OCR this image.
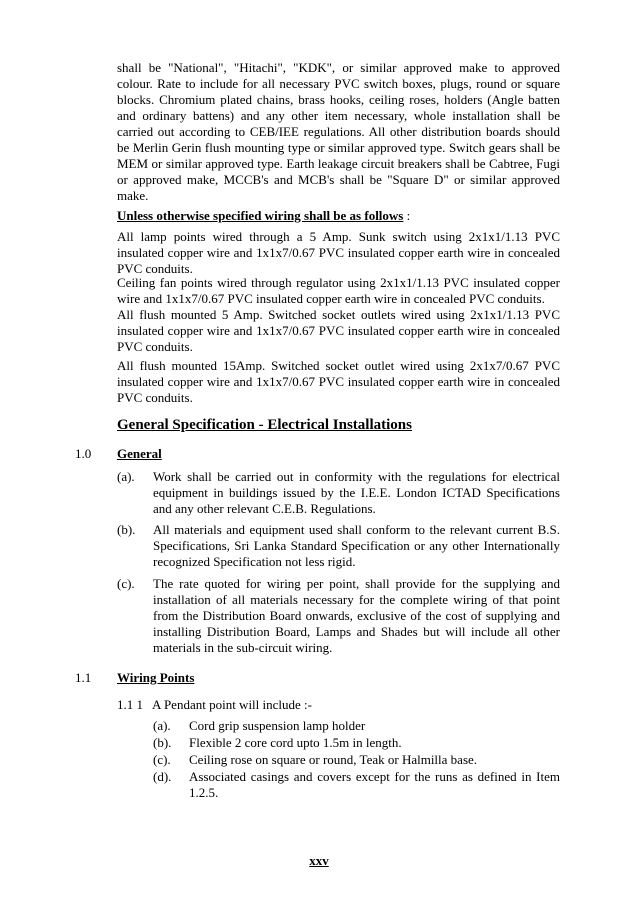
shall be "National", "Hitachi", "KDK", or similar approved make to approved colour. Rate to include for all necessary PVC switch boxes, plugs, round or square blocks. Chromium plated chains, brass hooks, ceiling roses, holders (Angle batten and ordinary battens) and any other item necessary, whole installation shall be carried out according to CEB/IEE regulations. All other distribution boards should be Merlin Gerin flush mounting type or similar approved type. Switch gears shall be MEM or similar approved type. Earth leakage circuit breakers shall be Cabtree, Fugi or approved make, MCCB's and MCB's shall be "Square D" or similar approved make.

Unless otherwise specified wiring shall be as follows :

All lamp points wired through a 5 Amp. Sunk switch using 2x1x1/1.13 PVC insulated copper wire and 1x1x7/0.67 PVC insulated copper earth wire in concealed PVC conduits.

Ceiling fan points wired through regulator using 2x1x1/1.13 PVC insulated copper wire and 1x1x7/0.67 PVC insulated copper earth wire in concealed PVC conduits.

All flush mounted 5 Amp. Switched socket outlets wired using 2x1x1/1.13 PVC insulated copper wire and 1x1x7/0.67 PVC insulated copper earth wire in concealed PVC conduits.

All flush mounted 15Amp. Switched socket outlet wired using 2x1x7/0.67 PVC insulated copper wire and 1x1x7/0.67 PVC insulated copper earth wire in concealed PVC conduits.

General Specification - Electrical Installations
1.0 General
(a). Work shall be carried out in conformity with the regulations for electrical equipment in buildings issued by the I.E.E. London ICTAD Specifications and any other relevant C.E.B. Regulations.
(b). All materials and equipment used shall conform to the relevant current B.S. Specifications, Sri Lanka Standard Specification or any other Internationally recognized Specification not less rigid.
(c). The rate quoted for wiring per point, shall provide for the supplying and installation of all materials necessary for the complete wiring of that point from the Distribution Board onwards, exclusive of the cost of supplying and installing Distribution Board, Lamps and Shades but will include all other materials in the sub-circuit wiring.
1.1 Wiring Points
1.1 1   A Pendant point will include :-
(a). Cord grip suspension lamp holder
(b). Flexible 2 core cord upto 1.5m in length.
(c). Ceiling rose on square or round, Teak or Halmilla base.
(d). Associated casings and covers except for the runs as defined in Item 1.2.5.
xxv
